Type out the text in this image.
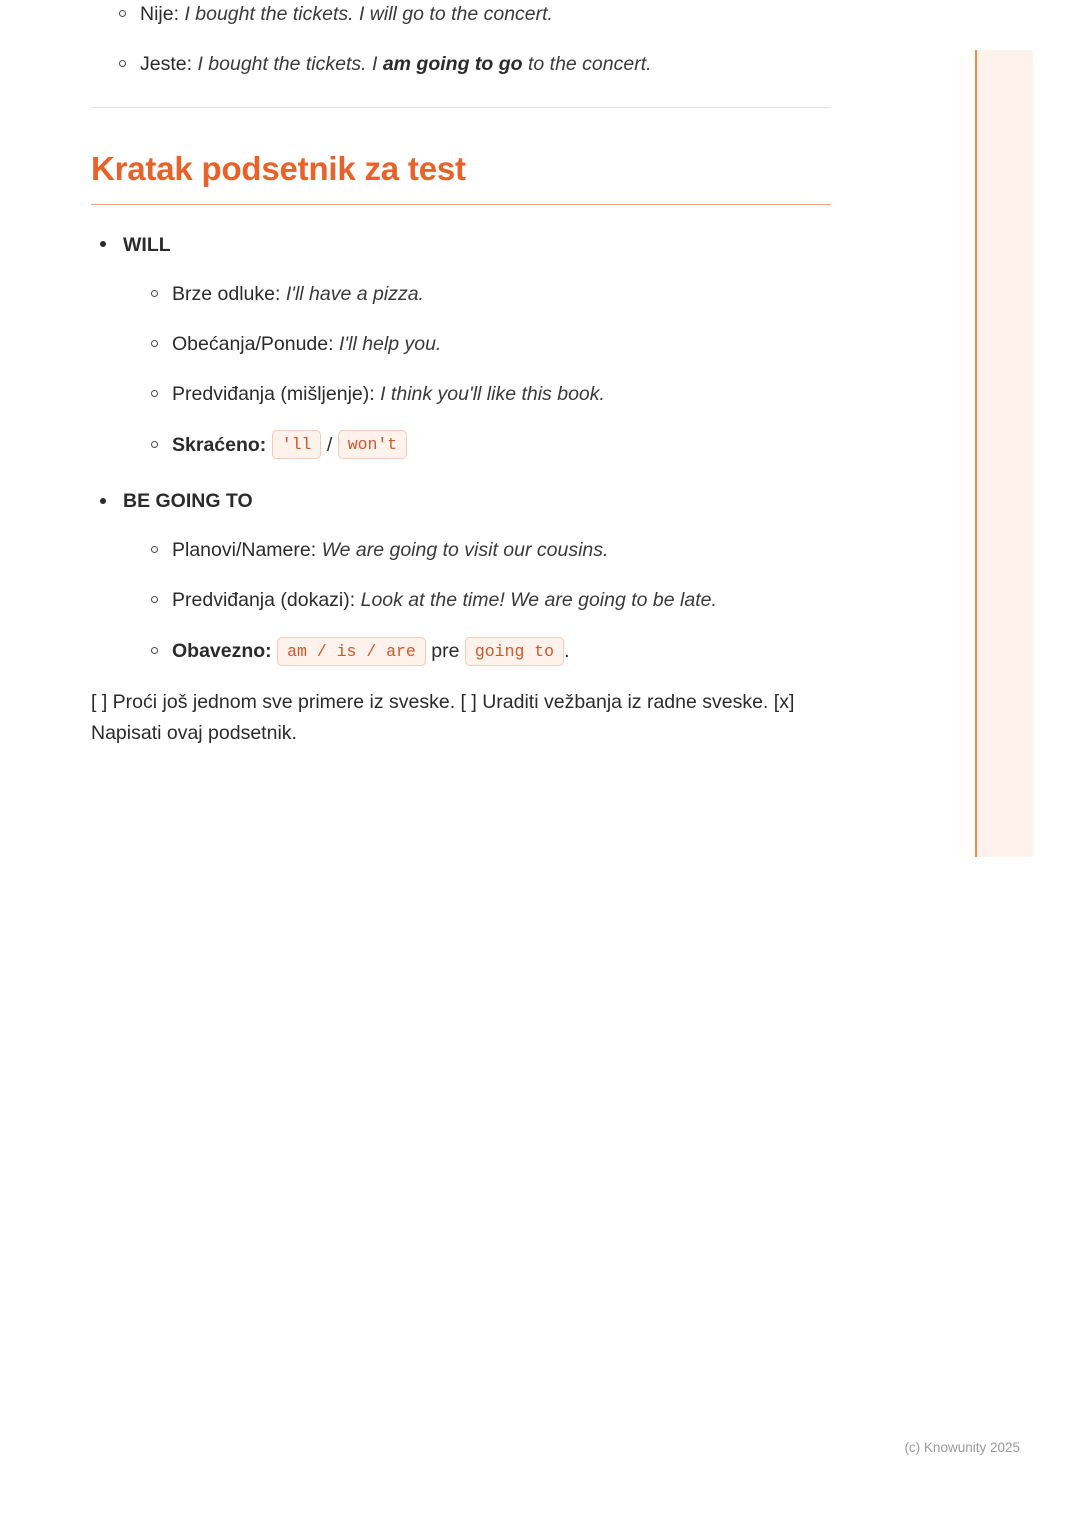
Nije: I bought the tickets. I will go to the concert.
Jeste: I bought the tickets. I am going to go to the concert.
Kratak podsetnik za test
WILL
Brze odluke: I'll have a pizza.
Obećanja/Ponude: I'll help you.
Predviđanja (mišljenje): I think you'll like this book.
Skraćeno: 'll / won't
BE GOING TO
Planovi/Namere: We are going to visit our cousins.
Predviđanja (dokazi): Look at the time! We are going to be late.
Obavezno: am / is / are pre going to .

[ ] Proći još jednom sve primere iz sveske. [ ] Uraditi vežbanja iz radne sveske. [x] Napisati ovaj podsetnik.

(c) Knowunity 2025
